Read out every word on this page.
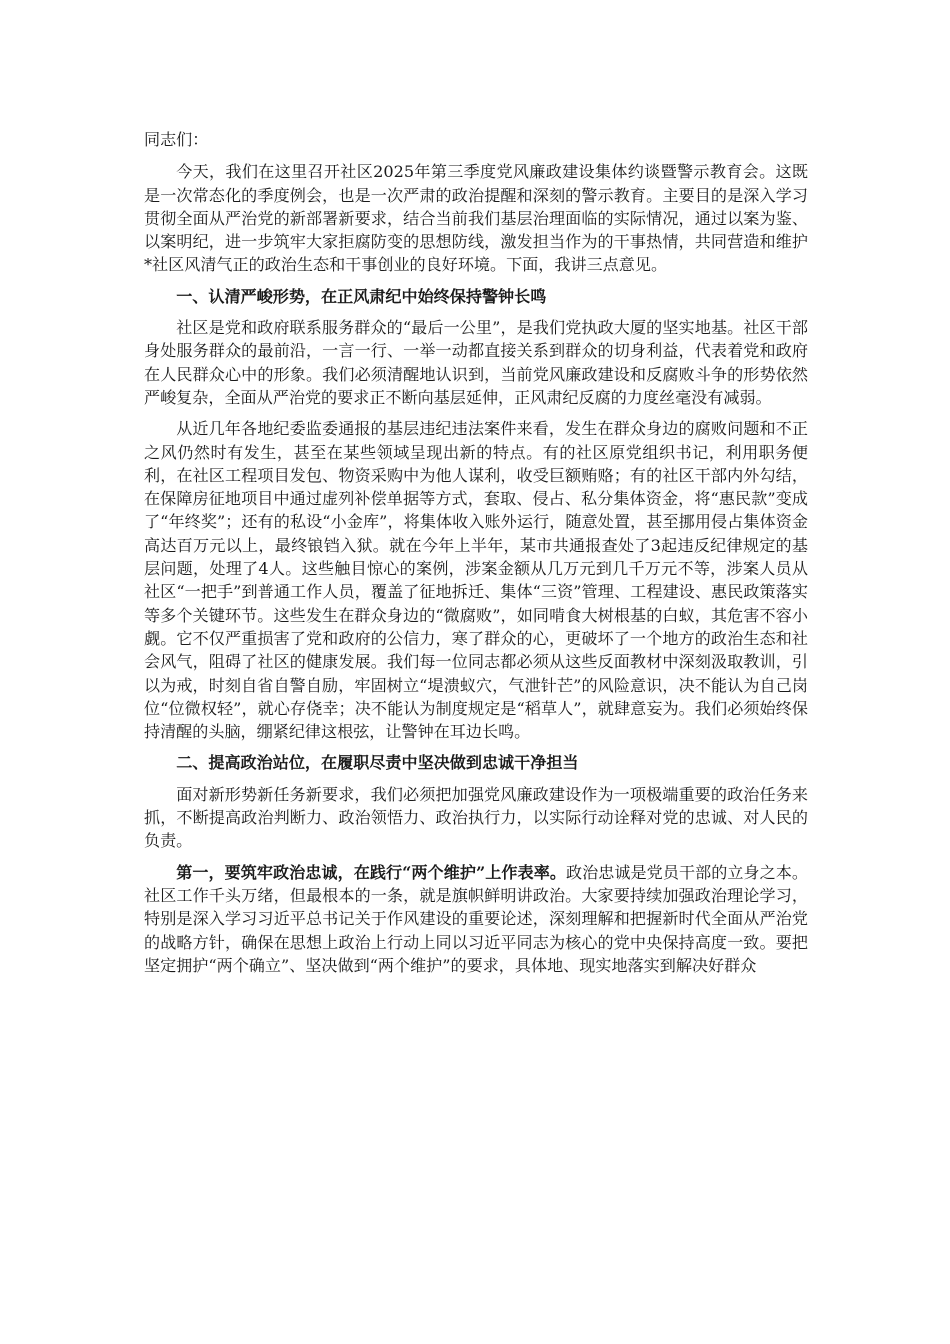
同志们：

今天，我们在这里召开社区2025年第三季度党风廉政建设集体约谈暨警示教育会。这既是一次常态化的季度例会，也是一次严肃的政治提醒和深刻的警示教育。主要目的是深入学习贯彻全面从严治党的新部署新要求，结合当前我们基层治理面临的实际情况，通过以案为鉴、以案明纪，进一步筑牢大家拒腐防变的思想防线，激发担当作为的干事热情，共同营造和维护*社区风清气正的政治生态和干事创业的良好环境。下面，我讲三点意见。

一、认清严峻形势，在正风肃纪中始终保持警钟长鸣

社区是党和政府联系服务群众的“最后一公里”，是我们党执政大厦的坚实地基。社区干部身处服务群众的最前沿，一言一行、一举一动都直接关系到群众的切身利益，代表着党和政府在人民群众心中的形象。我们必须清醒地认识到，当前党风廉政建设和反腐败斗争的形势依然严峻复杂，全面从严治党的要求正不断向基层延伸，正风肃纪反腐的力度丝毫没有减弱。

从近几年各地纪委监委通报的基层违纪违法案件来看，发生在群众身边的腐败问题和不正之风仍然时有发生，甚至在某些领域呈现出新的特点。有的社区原党组织书记，利用职务便利，在社区工程项目发包、物资采购中为他人谋利，收受巨额贿赂；有的社区干部内外勾结，在保障房征地项目中通过虚列补偿单据等方式，套取、侵占、私分集体资金，将“惠民款”变成了“年终奖”；还有的私设“小金库”，将集体收入账外运行，随意处置，甚至挪用侵占集体资金高达百万元以上，最终锒铛入狱。就在今年上半年，某市共通报查处了3起违反纪律规定的基层问题，处理了4人。这些触目惊心的案例，涉案金额从几万元到几千万元不等，涉案人员从社区“一把手”到普通工作人员，覆盖了征地拆迁、集体“三资”管理、工程建设、惠民政策落实等多个关键环节。这些发生在群众身边的“微腐败”，如同啃食大树根基的白蚁，其危害不容小觑。它不仅严重损害了党和政府的公信力，寒了群众的心，更破坏了一个地方的政治生态和社会风气，阻碍了社区的健康发展。我们每一位同志都必须从这些反面教材中深刻汲取教训，引以为戒，时刻自省自警自励，牢固树立“堤溃蚁穴，气泄针芒”的风险意识，决不能认为自己岗位“位微权轻”，就心存侥幸；决不能认为制度规定是“稻草人”，就肆意妄为。我们必须始终保持清醒的头脑，绷紧纪律这根弦，让警钟在耳边长鸣。

二、提高政治站位，在履职尽责中坚决做到忠诚干净担当

面对新形势新任务新要求，我们必须把加强党风廉政建设作为一项极端重要的政治任务来抓，不断提高政治判断力、政治领悟力、政治执行力，以实际行动诠释对党的忠诚、对人民的负责。

第一，要筑牢政治忠诚，在践行“两个维护”上作表率。政治忠诚是党员干部的立身之本。社区工作千头万绪，但最根本的一条，就是旗帜鲜明讲政治。大家要持续加强政治理论学习，特别是深入学习习近平总书记关于作风建设的重要论述，深刻理解和把握新时代全面从严治党的战略方针，确保在思想上政治上行动上同以习近平同志为核心的党中央保持高度一致。要把坚定拥护“两个确立”、坚决做到“两个维护”的要求，具体地、现实地落实到解决好群众
